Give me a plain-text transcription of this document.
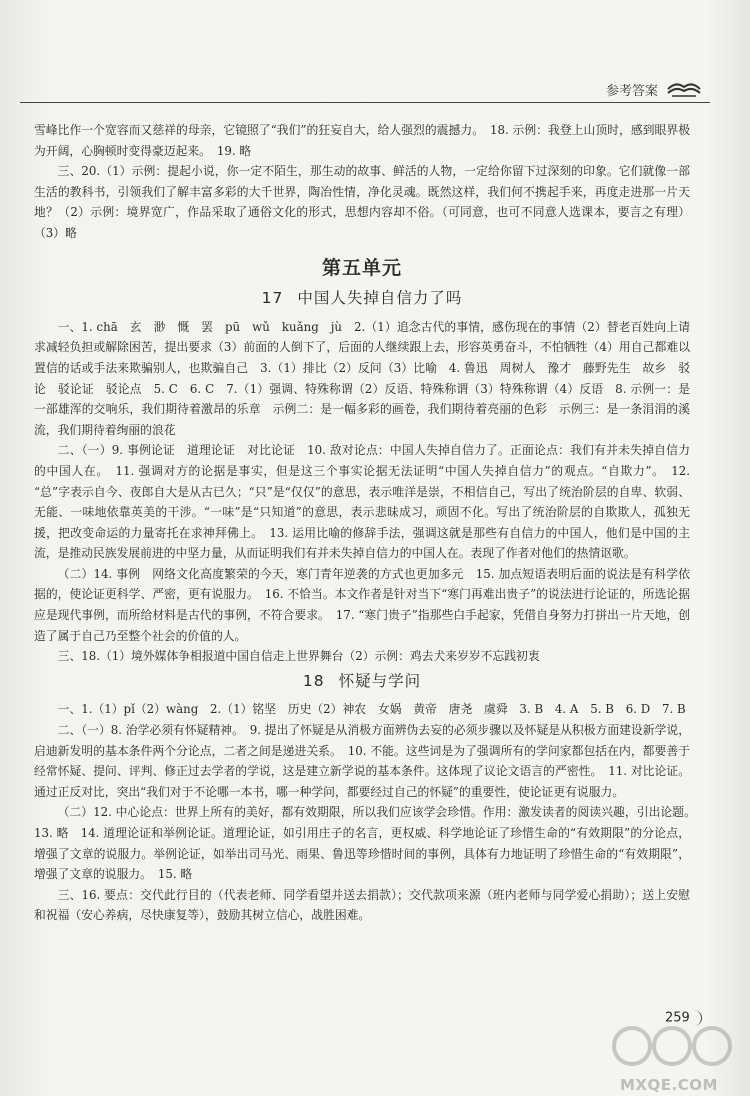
参考答案

雪峰比作一个宽容而又慈祥的母亲，它镜照了“我们”的狂妄自大，给人强烈的震撼力。　18. 示例：我登上山顶时，感到眼界极为开阔，心胸顿时变得豪迈起来。　19. 略

三、20.（1）示例：提起小说，你一定不陌生，那生动的故事、鲜活的人物，一定给你留下过深刻的印象。它们就像一部生活的教科书，引领我们了解丰富多彩的大千世界，陶冶性情，净化灵魂。既然这样，我们何不携起手来，再度走进那一片天地？（2）示例：境界宽广，作品采取了通俗文化的形式，思想内容却不俗。（可同意，也可不同意人选课本，要言之有理）（3）略

第五单元
17 中国人失掉自信力了吗

一、1. chā　玄　渺　慨　罢　pū　wǔ　kuǎng　jù　2.（1）追念古代的事情，感伤现在的事情（2）替老百姓向上请求减轻负担或解除困苦，提出要求（3）前面的人倒下了，后面的人继续跟上去，形容英勇奋斗，不怕牺牲（4）用自己都难以置信的话或手法来欺骗别人，也欺骗自己　3.（1）排比（2）反问（3）比喻　4. 鲁迅　周树人　豫才　藤野先生　故乡　驳论　驳论证　驳论点　5. C　6. C　7.（1）强调、特殊称谓（2）反语、特殊称谓（3）特殊称谓（4）反语　8. 示例一：是一部雄浑的交响乐，我们期待着激昂的乐章　示例二：是一幅多彩的画卷，我们期待着亮丽的色彩　示例三：是一条涓涓的溪流，我们期待着绚丽的浪花

二、（一）9. 事例论证　道理论证　对比论证　10. 敌对论点：中国人失掉自信力了。正面论点：我们有并未失掉自信力的中国人在。　11. 强调对方的论据是事实，但是这三个事实论据无法证明“中国人失掉自信力”的观点。“自欺力”。　12. “总”字表示自今、夜郎自大是从古已久；“只”是“仅仅”的意思，表示唯洋是崇，不相信自己，写出了统治阶层的自卑、软弱、无能、一味地依靠英美的干涉。“一味”是“只知道”的意思，表示悲昧成习，顽固不化。写出了统治阶层的自欺欺人，孤独无援，把改变命运的力量寄托在求神拜佛上。　13. 运用比喻的修辞手法，强调这就是那些有自信力的中国人，他们是中国的主流，是推动民族发展前进的中坚力量，从而证明我们有并未失掉自信力的中国人在。表现了作者对他们的热情讴歌。

（二）14. 事例　网络文化高度繁荣的今天，寒门青年逆袭的方式也更加多元　15. 加点短语表明后面的说法是有科学依据的，使论证更科学、严密，更有说服力。　16. 不恰当。本文作者是针对当下“寒门再难出贵子”的说法进行论证的，所选论据应是现代事例，而所给材料是古代的事例，不符合要求。　17. “寒门贵子”指那些白手起家，凭借自身努力打拼出一片天地，创造了属于自己乃至整个社会的价值的人。

三、18.（1）境外媒体争相报道中国自信走上世界舞台（2）示例：鸡去犬来岁岁不忘践初衷

18 怀疑与学问

一、1.（1）pǐ（2）wàng　2.（1）铭坚　历史（2）神农　女娲　黄帝　唐尧　虞舜　3. B　4. A　5. B　6. D　7. B

二、（一）8. 治学必须有怀疑精神。　9. 提出了怀疑是从消极方面辨伪去妄的必须步骤以及怀疑是从积极方面建设新学说，启迪新发明的基本条件两个分论点，二者之间是递进关系。　10. 不能。这些词是为了强调所有的学问家都包括在内，都要善于经常怀疑、提问、评判、修正过去学者的学说，这是建立新学说的基本条件。这体现了议论文语言的严密性。　11. 对比论证。通过正反对比，突出“我们对于不论哪一本书，哪一种学问，都要经过自己的怀疑”的重要性，使论证更有说服力。

（二）12. 中心论点：世界上所有的美好，都有效期限，所以我们应该学会珍惜。作用：激发读者的阅读兴趣，引出论题。　13. 略　14. 道理论证和举例论证。道理论证，如引用庄子的名言，更权威、科学地论证了珍惜生命的“有效期限”的分论点，增强了文章的说服力。举例论证，如举出司马光、雨果、鲁迅等珍惜时间的事例，具体有力地证明了珍惜生命的“有效期限”，增强了文章的说服力。　15. 略

三、16. 要点：交代此行目的（代表老师、同学看望并送去捐款）；交代款项来源（班内老师与同学爱心捐助）；送上安慰和祝福（安心养病，尽快康复等），鼓励其树立信心，战胜困难。

259
MXQE.COM
